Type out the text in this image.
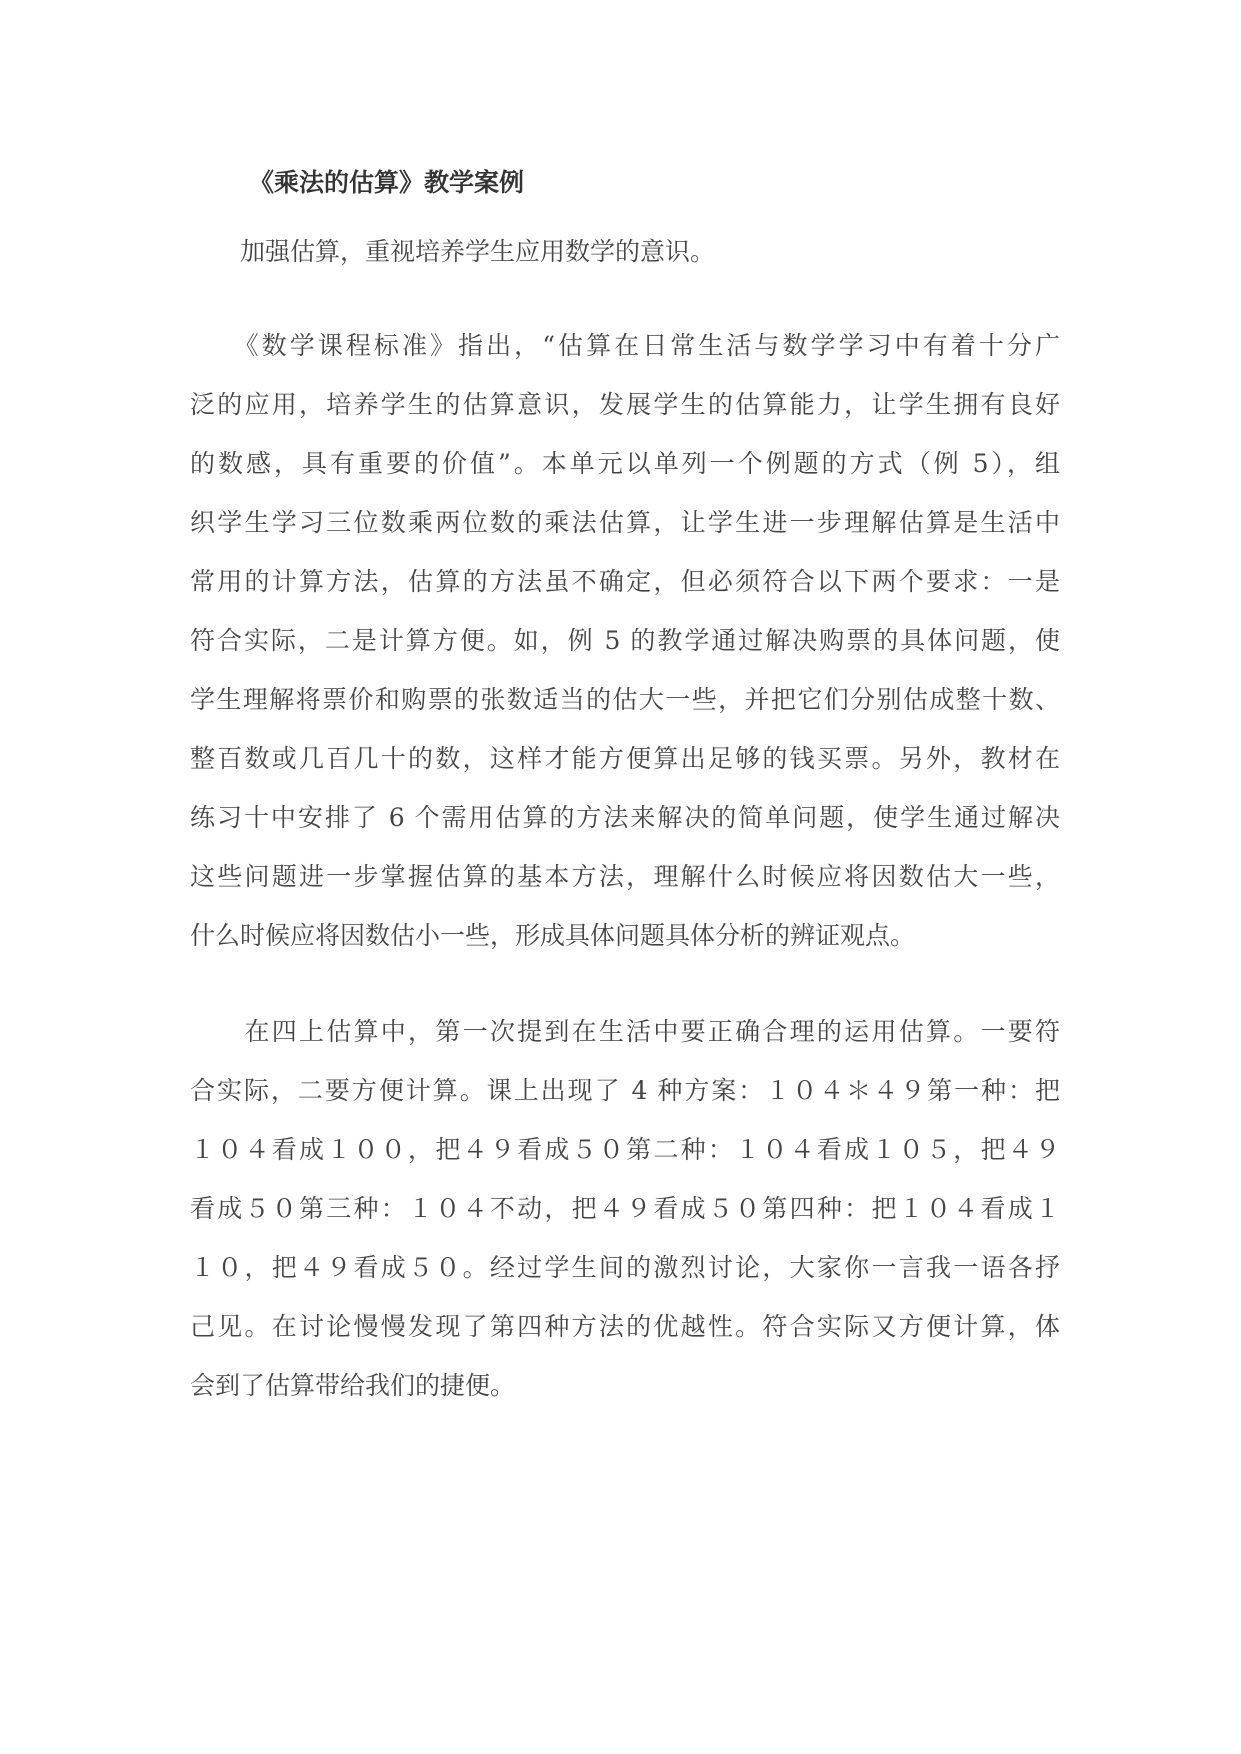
《乘法的估算》教学案例
　　加强估算，重视培养学生应用数学的意识。
　　《数学课程标准》指出，“估算在日常生活与数学学习中有着十分广
泛的应用，培养学生的估算意识，发展学生的估算能力，让学生拥有良好
的数感，具有重要的价值”。本单元以单列一个例题的方式（例 5），组
织学生学习三位数乘两位数的乘法估算，让学生进一步理解估算是生活中
常用的计算方法，估算的方法虽不确定，但必须符合以下两个要求：一是
符合实际，二是计算方便。如，例 5 的教学通过解决购票的具体问题，使
学生理解将票价和购票的张数适当的估大一些，并把它们分别估成整十数、
整百数或几百几十的数，这样才能方便算出足够的钱买票。另外，教材在
练习十中安排了 6 个需用估算的方法来解决的简单问题，使学生通过解决
这些问题进一步掌握估算的基本方法，理解什么时候应将因数估大一些，
什么时候应将因数估小一些，形成具体问题具体分析的辨证观点。
　　在四上估算中，第一次提到在生活中要正确合理的运用估算。一要符
合实际，二要方便计算。课上出现了 4 种方案：１０４＊４９第一种：把
１０４看成１００，把４９看成５０第二种：１０４看成１０５，把４９
看成５０第三种：１０４不动，把４９看成５０第四种：把１０４看成１
１０，把４９看成５０。经过学生间的激烈讨论，大家你一言我一语各抒
己见。在讨论慢慢发现了第四种方法的优越性。符合实际又方便计算，体
会到了估算带给我们的捷便。
